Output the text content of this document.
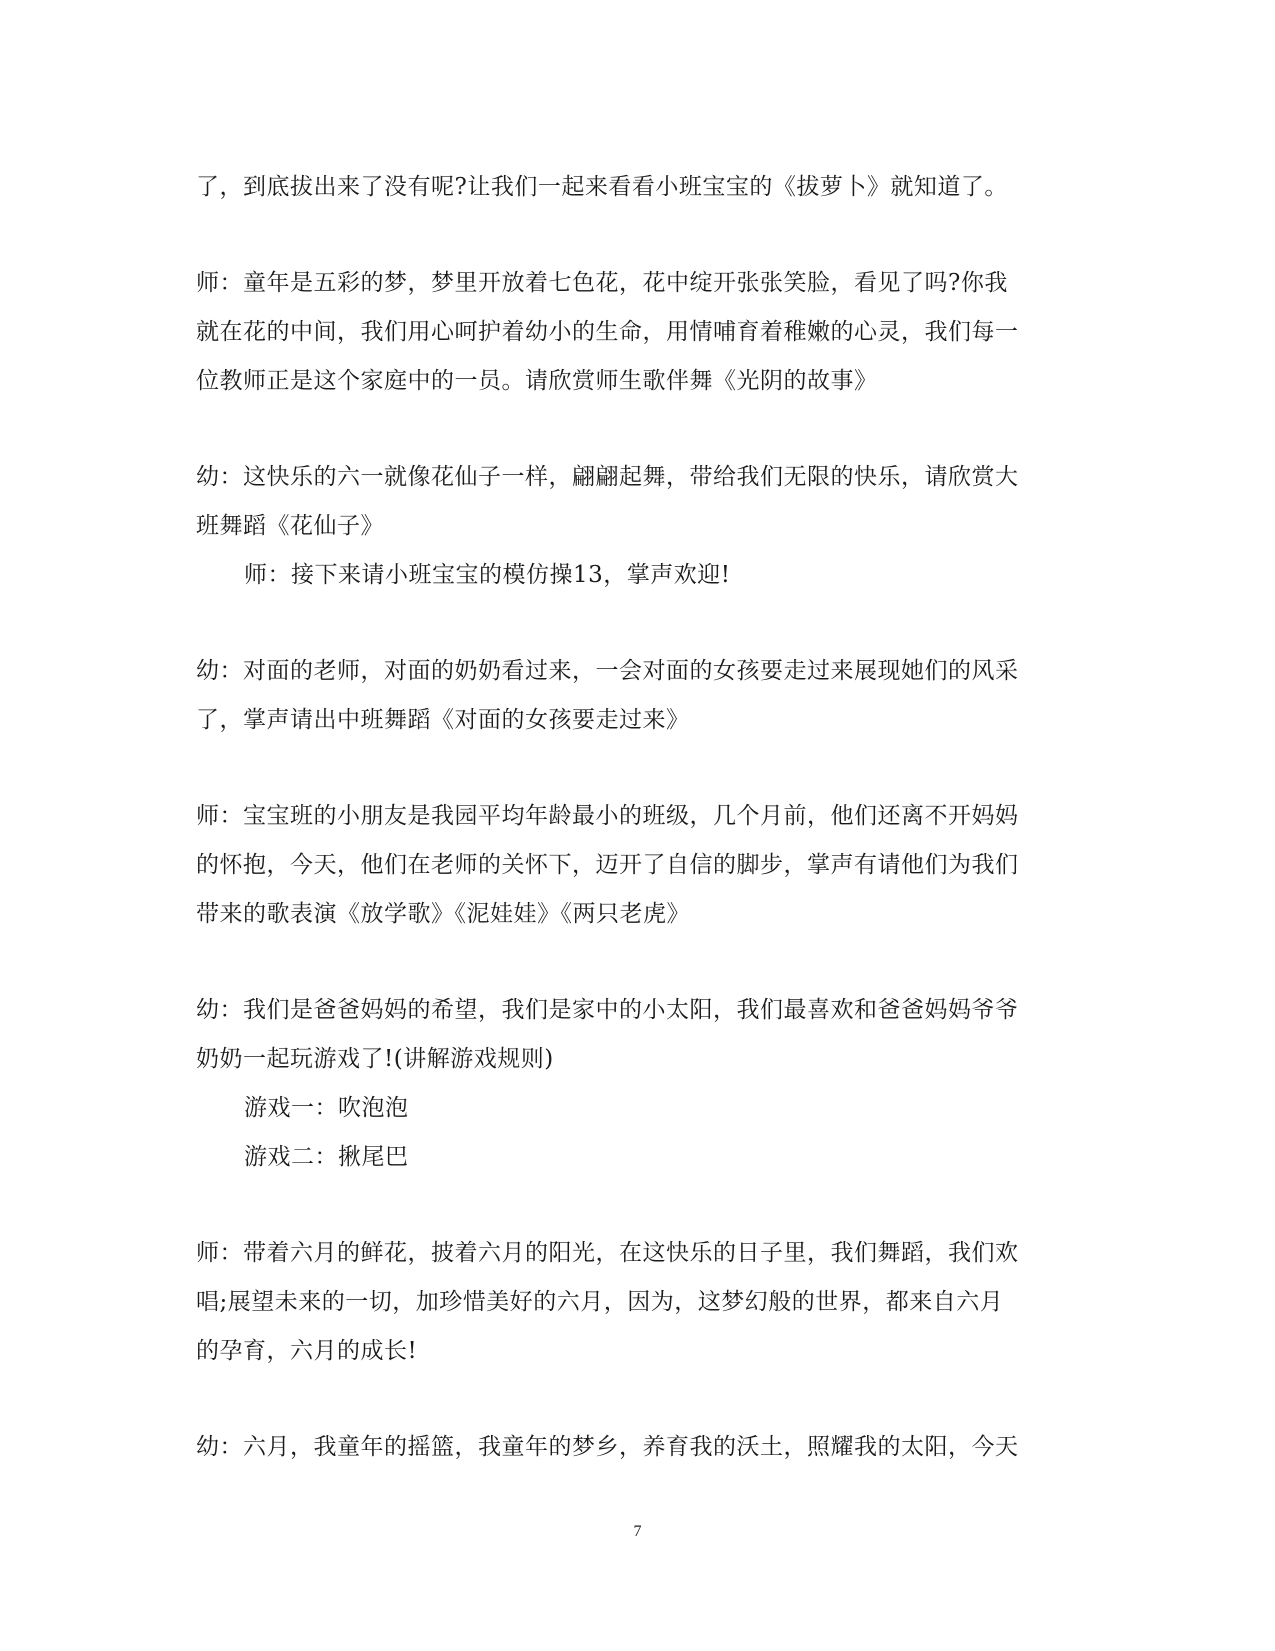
了，到底拔出来了没有呢?让我们一起来看看小班宝宝的《拔萝卜》就知道了。
师：童年是五彩的梦，梦里开放着七色花，花中绽开张张笑脸，看见了吗?你我
就在花的中间，我们用心呵护着幼小的生命，用情哺育着稚嫩的心灵，我们每一
位教师正是这个家庭中的一员。请欣赏师生歌伴舞《光阴的故事》
幼：这快乐的六一就像花仙子一样，翩翩起舞，带给我们无限的快乐，请欣赏大
班舞蹈《花仙子》
师：接下来请小班宝宝的模仿操13，掌声欢迎!
幼：对面的老师，对面的奶奶看过来，一会对面的女孩要走过来展现她们的风采
了，掌声请出中班舞蹈《对面的女孩要走过来》
师：宝宝班的小朋友是我园平均年龄最小的班级，几个月前，他们还离不开妈妈
的怀抱，今天，他们在老师的关怀下，迈开了自信的脚步，掌声有请他们为我们
带来的歌表演《放学歌》《泥娃娃》《两只老虎》
幼：我们是爸爸妈妈的希望，我们是家中的小太阳，我们最喜欢和爸爸妈妈爷爷
奶奶一起玩游戏了!(讲解游戏规则)
游戏一：吹泡泡
游戏二：揪尾巴
师：带着六月的鲜花，披着六月的阳光，在这快乐的日子里，我们舞蹈，我们欢
唱;展望未来的一切，加珍惜美好的六月，因为，这梦幻般的世界，都来自六月
的孕育，六月的成长!
幼：六月，我童年的摇篮，我童年的梦乡，养育我的沃土，照耀我的太阳，今天
7
